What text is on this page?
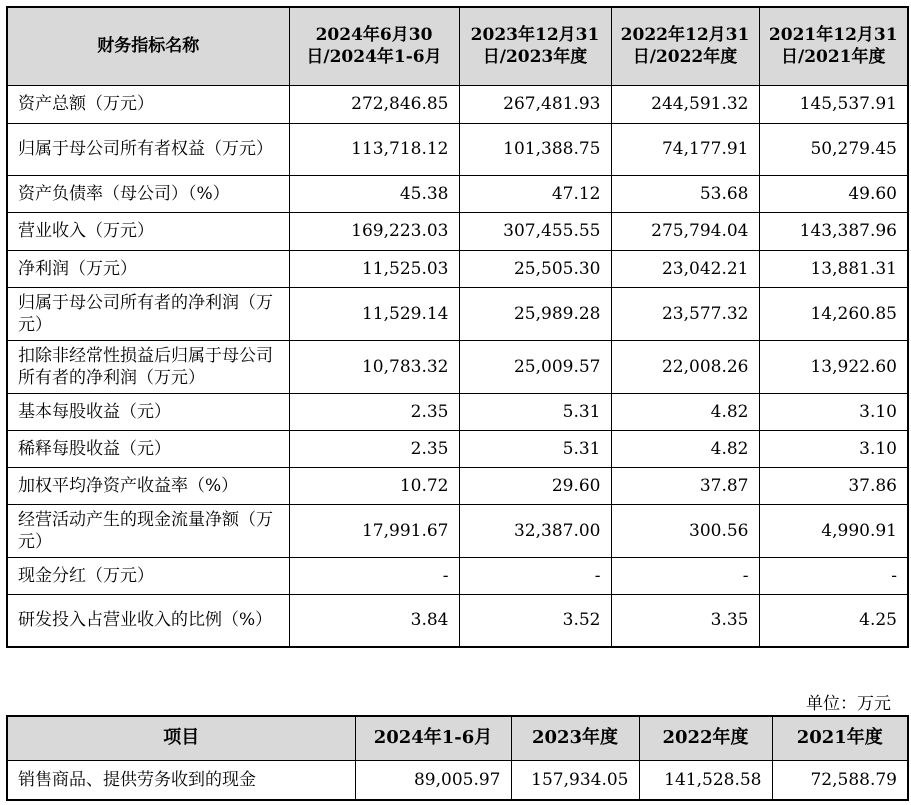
财务指标名称	2024年6月30日/2024年1-6月	2023年12月31日/2023年度	2022年12月31日/2022年度	2021年12月31日/2021年度
资产总额（万元）	272,846.85	267,481.93	244,591.32	145,537.91
归属于母公司所有者权益（万元）	113,718.12	101,388.75	74,177.91	50,279.45
资产负债率（母公司）（%）	45.38	47.12	53.68	49.60
营业收入（万元）	169,223.03	307,455.55	275,794.04	143,387.96
净利润（万元）	11,525.03	25,505.30	23,042.21	13,881.31
归属于母公司所有者的净利润（万元）	11,529.14	25,989.28	23,577.32	14,260.85
扣除非经常性损益后归属于母公司所有者的净利润（万元）	10,783.32	25,009.57	22,008.26	13,922.60
基本每股收益（元）	2.35	5.31	4.82	3.10
稀释每股收益（元）	2.35	5.31	4.82	3.10
加权平均净资产收益率（%）	10.72	29.60	37.87	37.86
经营活动产生的现金流量净额（万元）	17,991.67	32,387.00	300.56	4,990.91
现金分红（万元）	-	-	-	-
研发投入占营业收入的比例（%）	3.84	3.52	3.35	4.25
单位：万元
项目	2024年1-6月	2023年度	2022年度	2021年度
销售商品、提供劳务收到的现金	89,005.97	157,934.05	141,528.58	72,588.79
